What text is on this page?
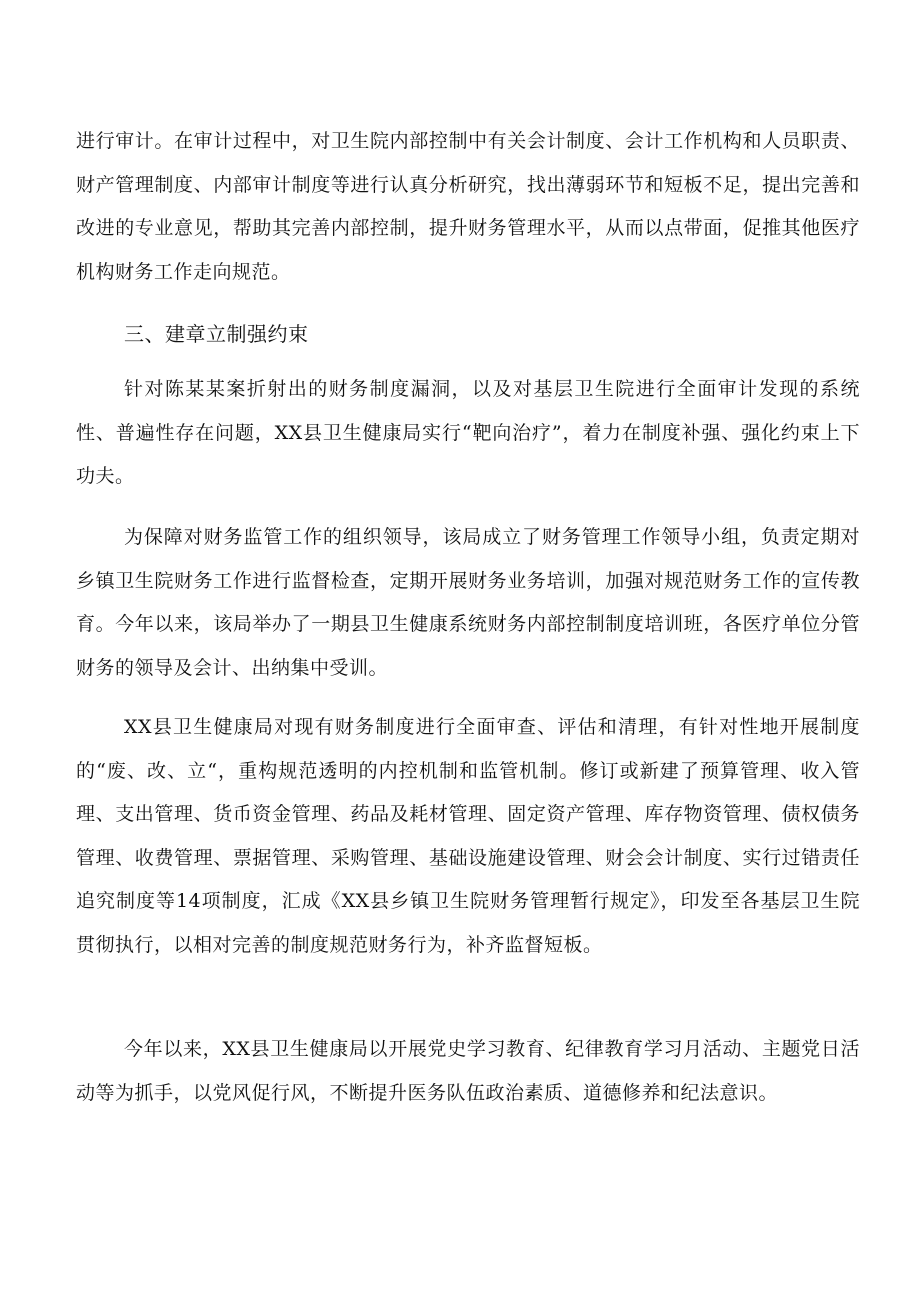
进行审计。在审计过程中，对卫生院内部控制中有关会计制度、会计工作机构和人员职责、财产管理制度、内部审计制度等进行认真分析研究，找出薄弱环节和短板不足，提出完善和改进的专业意见，帮助其完善内部控制，提升财务管理水平，从而以点带面，促推其他医疗机构财务工作走向规范。

三、建章立制强约束

针对陈某某案折射出的财务制度漏洞，以及对基层卫生院进行全面审计发现的系统性、普遍性存在问题，XX县卫生健康局实行“靶向治疗”，着力在制度补强、强化约束上下功夫。

为保障对财务监管工作的组织领导，该局成立了财务管理工作领导小组，负责定期对乡镇卫生院财务工作进行监督检查，定期开展财务业务培训，加强对规范财务工作的宣传教育。今年以来，该局举办了一期县卫生健康系统财务内部控制制度培训班，各医疗单位分管财务的领导及会计、出纳集中受训。

XX县卫生健康局对现有财务制度进行全面审查、评估和清理，有针对性地开展制度的“废、改、立“，重构规范透明的内控机制和监管机制。修订或新建了预算管理、收入管理、支出管理、货币资金管理、药品及耗材管理、固定资产管理、库存物资管理、债权债务管理、收费管理、票据管理、采购管理、基础设施建设管理、财会会计制度、实行过错责任追究制度等14项制度，汇成《XX县乡镇卫生院财务管理暂行规定》，印发至各基层卫生院贯彻执行，以相对完善的制度规范财务行为，补齐监督短板。

今年以来，XX县卫生健康局以开展党史学习教育、纪律教育学习月活动、主题党日活动等为抓手，以党风促行风，不断提升医务队伍政治素质、道德修养和纪法意识。
